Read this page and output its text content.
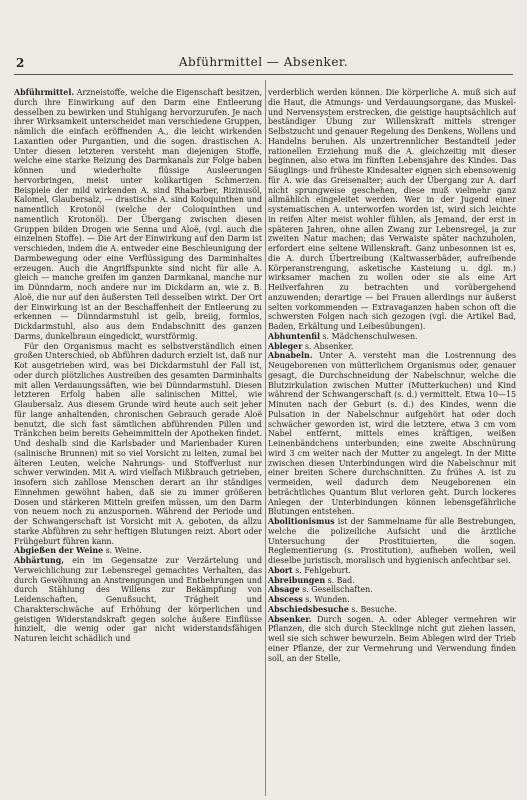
2	Abführmittel — Absenker.

Abführmittel. Arzneistoffe, welche die Eigenschaft besitzen, durch ihre Einwirkung auf den Darm eine Entleerung desselben zu bewirken und Stuhlgang hervorzurufen. Je nach ihrer Wirksamkeit unterscheidet man verschiedene Gruppen, nämlich die einfach eröffnenden A., die leicht wirkenden Laxantien oder Purgantien, und die sogen. drastischen A. Unter diesen letzteren versteht man diejenigen Stoffe, welche eine starke Reizung des Darmkanals zur Folge haben können und wiederholte flüssige Ausleerungen hervorbringen, meist unter kolikartigen Schmerzen. Beispiele der mild wirkenden A. sind Rhabarber, Rizinusöl, Kalomel, Glaubersalz, — drastische A. sind Koloquinthen und namentlich Krotonöl (welche der Coloquinthen und namentlich Krotonöl). Der Übergang zwischen diesen Gruppen bilden Drogen wie Senna und Aloë, (vgl. auch die einzelnen Stoffe). — Die Art der Einwirkung auf den Darm ist verschieden, indem die A. entweder eine Beschleunigung der Darmbewegung oder eine Verflüssigung des Darminhaltes erzeugen. Auch die Angriffspunkte sind nicht für alle A. gleich — manche greifen im ganzen Darmkanal, manche nur im Dünndarm, noch andere nur im Dickdarm an, wie z. B. Aloë, die nur auf den äußersten Teil desselben wirkt. Der Ort der Einwirkung ist an der Beschaffenheit der Entleerung zu erkennen — Dünndarmstuhl ist gelb, breiig, formlos, Dickdarmstuhl, also aus dem Endabschnitt des ganzen Darms, dunkelbraun eingedickt, wurstförmig.

Für den Organismus macht es selbstverständlich einen großen Unterschied, ob Abführen dadurch erzielt ist, daß nur Kot ausgetrieben wird, was bei Dickdarmstuhl der Fall ist, oder durch plötzliches Austreiben des gesamten Darminhalts mit allen Verdauungssäften, wie bei Dünndarmstuhl. Diesen letzteren Erfolg haben alle salinischen Mittel, wie Glaubersalz. Aus diesem Grunde wird heute auch seit jeher für lange anhaltenden, chronischen Gebrauch gerade Aloë benutzt, die sich fast sämtlichen abführenden Pillen und Tränkchen beim bereits Geheimmitteln der Apotheken findet. Und deshalb sind die Karlsbader und Marienbader Kuren (salinische Brunnen) mit so viel Vorsicht zu leiten, zumal bei älteren Leuten, welche Nahrungs- und Stoffverlust nur schwer verwinden. Mit A. wird vielfach Mißbrauch getrieben, insofern sich zahllose Menschen derart an ihr ständiges Einnehmen gewöhnt haben, daß sie zu immer größeren Dosen und stärkeren Mitteln greifen müssen, um den Darm von neuem noch zu anzuspornen. Während der Periode und der Schwangerschaft ist Vorsicht mit A. geboten, da allzu starke Abführen zu sehr heftigen Blutungen reizt. Abort oder Frühgeburt führen kann.

Abgießen der Weine s. Weine.

Abhärtung, ein im Gegensatze zur Verzärtelung und Verweichlichung zur Lebensregel gemachtes Verhalten, das durch Gewöhnung an Anstrengungen und Entbehrungen und durch Stählung des Willens zur Bekämpfung von Leidenschaften, Genußsucht, Trägheit und Charakterschwäche auf Erhöhung der körperlichen und geistigen Widerstandskraft gegen solche äußere Einflüsse hinzielt, die wenig oder gar nicht widerstandsfähigen Naturen leicht schädlich und

verderblich werden können. Die körperliche A. muß sich auf die Haut, die Atmungs- und Verdauungsorgane, das Muskel- und Nervensystem erstrecken, die geistige hauptsächlich auf beständiger Übung zur Willenskraft mittels strenger Selbstzucht und genauer Regelung des Denkens, Wollens und Handelns beruhen. Als unzertrennlicher Bestandteil jeder rationellen Erziehung muß die A. gleichzeitig mit dieser beginnen, also etwa im fünften Lebensjahre des Kindes. Das Säuglings- und früheste Kindesalter eignen sich ebensowenig für A. wie das Greisenalter; auch der Übergang zur A. darf nicht sprungweise geschehen, diese muß vielmehr ganz allmählich eingeleitet werden. Wer in der Jugend einer systematischen A. unterworfen worden ist, wird sich leichte in reifen Alter meist wohler fühlen, als Jemand, der erst in späteren Jahren, ohne allen Zwang zur Lebensregel, ja zur zweiten Natur machen; das Verwaiste später nachzuholen, erfordert eine seltene Willenskraft. Ganz unbesonnen ist es, die A. durch Übertreibung (Kaltwasserbäder, aufreibende Körperanstrengung, asketische Kasteiung u. dgl. m.) wirksamer machen zu wollen oder sie als eine Art Heilverfahren zu betrachten und vorübergehend anzuwenden; derartige — bei Frauen allerdings nur äußerst selten vorkommenden — Extravaganzen haben schon oft die schwersten Folgen nach sich gezogen (vgl. die Artikel Bad, Baden, Erkältung und Leibesübungen).

Abhuntenfil s. Mädchenschulwesen.

Ableger s. Absenker.

Abnabeln. Unter A. versteht man die Lostrennung des Neugeborenen von mütterlichem Organismus oder, genauer gesagt, die Durchschneidung der Nabelschnur, welche die Blutzirkulation zwischen Mutter (Mutterkuchen) und Kind während der Schwangerschaft (s. d.) vermittelt. Etwa 10—15 Minuten nach der Geburt (s. d.) des Kindes, wenn die Pulsation in der Nabelschnur aufgehört hat oder doch schwächer geworden ist, wird die letztere, etwa 3 cm vom Nabel entfernt, mittels eines kräftigen, weißen Leinenbändchens unterbunden; eine zweite Abschnürung wird 3 cm weiter nach der Mutter zu angelegt. In der Mitte zwischen diesen Unterbindungen wird die Nabelschnur mit einer breiten Schere durchschnitten. Zu frühes A. ist zu vermeiden, weil dadurch dem Neugeborenen ein beträchtliches Quantum Blut verloren geht. Durch lockeres Anlegen der Unterbindungen können lebensgefährliche Blutungen entstehen.

Abolitionismus ist der Sammelname für alle Bestrebungen, welche die polizeiliche Aufsicht und die ärztliche Untersuchung der Prostituierten, die sogen. Reglementierung (s. Prostitution), aufheben wollen, weil dieselbe juristisch, moralisch und hygienisch anfechtbar sei.

Abort s. Fehlgeburt.

Abreibungen s. Bad.

Absage s. Gesellschaften.

Abscess s. Wunden.

Abschiedsbesuche s. Besuche.

Absenker. Durch sogen. A. oder Ableger vermehren wir Pflanzen, die sich durch Stecklinge nicht gut ziehen lassen, weil sie sich schwer bewurzeln. Beim Ablegen wird der Trieb einer Pflanze, der zur Vermehrung und Verwendung finden soll, an der Stelle,
